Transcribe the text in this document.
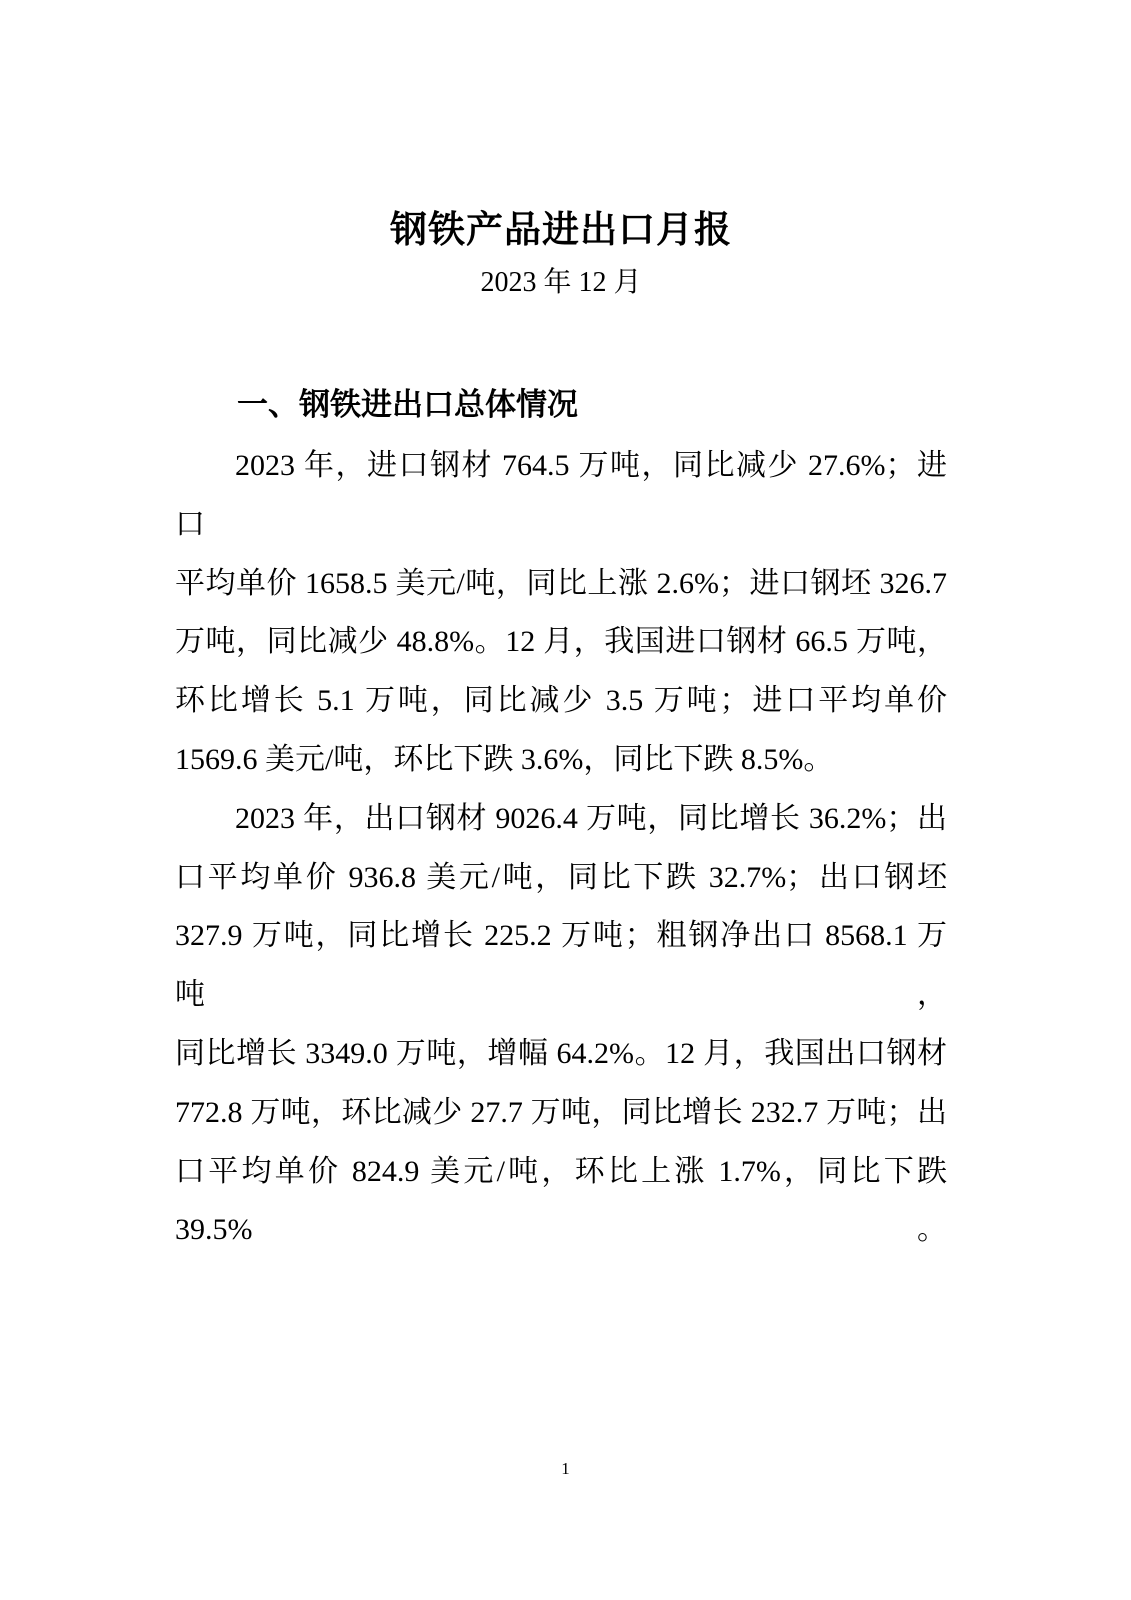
钢铁产品进出口月报
2023 年 12 月
一、钢铁进出口总体情况
2023 年，进口钢材 764.5 万吨，同比减少 27.6%；进口
平均单价 1658.5 美元/吨，同比上涨 2.6%；进口钢坯 326.7
万吨，同比减少 48.8%。12 月，我国进口钢材 66.5 万吨，
环比增长 5.1 万吨，同比减少 3.5 万吨；进口平均单价
1569.6 美元/吨，环比下跌 3.6%，同比下跌 8.5%。
2023 年，出口钢材 9026.4 万吨，同比增长 36.2%；出
口平均单价 936.8 美元/吨，同比下跌 32.7%；出口钢坯
327.9 万吨，同比增长 225.2 万吨；粗钢净出口 8568.1 万吨，
同比增长 3349.0 万吨，增幅 64.2%。12 月，我国出口钢材
772.8 万吨，环比减少 27.7 万吨，同比增长 232.7 万吨；出
口平均单价 824.9 美元/吨，环比上涨 1.7%，同比下跌 39.5%。
1
